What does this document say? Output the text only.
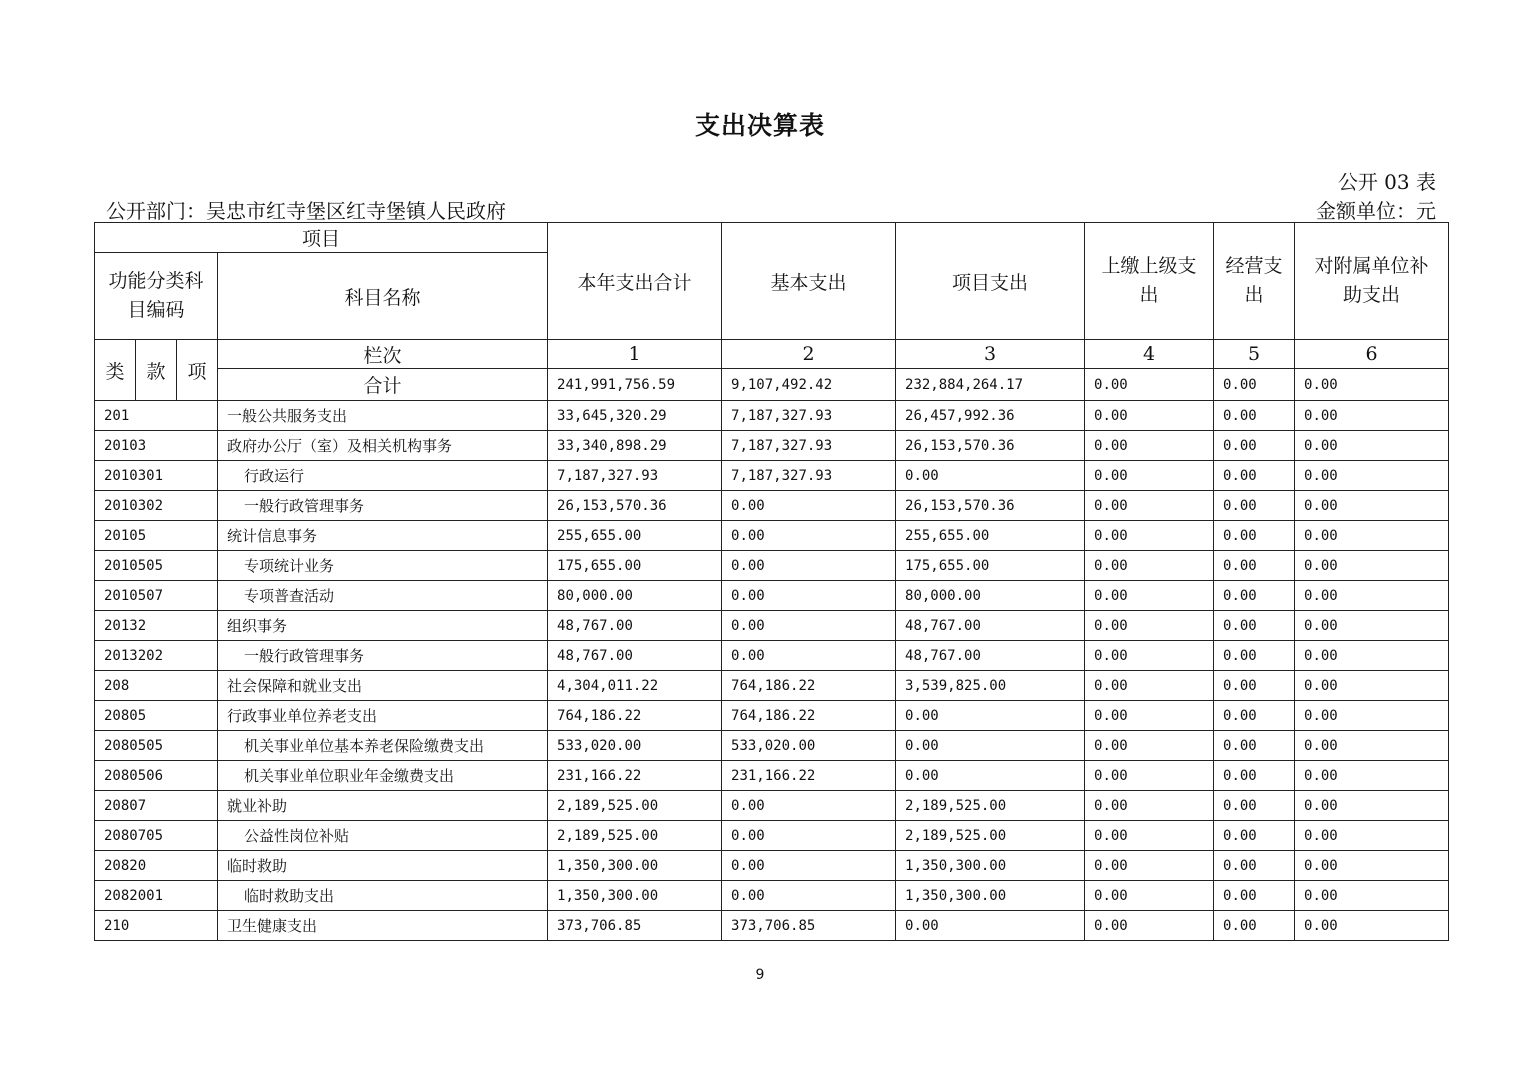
支出决算表
公开 03 表
公开部门：吴忠市红寺堡区红寺堡镇人民政府	金额单位：元
项目				本年支出合计	基本支出	项目支出	上缴上级支出	经营支出	对附属单位补助支出
功能分类科目编码			科目名称						
类	款	项	栏次	1	2	3	4	5	6
			合计	241,991,756.59	9,107,492.42	232,884,264.17	0.00	0.00	0.00
201			一般公共服务支出	33,645,320.29	7,187,327.93	26,457,992.36	0.00	0.00	0.00
20103			政府办公厅（室）及相关机构事务	33,340,898.29	7,187,327.93	26,153,570.36	0.00	0.00	0.00
2010301			行政运行	7,187,327.93	7,187,327.93	0.00	0.00	0.00	0.00
2010302			一般行政管理事务	26,153,570.36	0.00	26,153,570.36	0.00	0.00	0.00
20105			统计信息事务	255,655.00	0.00	255,655.00	0.00	0.00	0.00
2010505			专项统计业务	175,655.00	0.00	175,655.00	0.00	0.00	0.00
2010507			专项普查活动	80,000.00	0.00	80,000.00	0.00	0.00	0.00
20132			组织事务	48,767.00	0.00	48,767.00	0.00	0.00	0.00
2013202			一般行政管理事务	48,767.00	0.00	48,767.00	0.00	0.00	0.00
208			社会保障和就业支出	4,304,011.22	764,186.22	3,539,825.00	0.00	0.00	0.00
20805			行政事业单位养老支出	764,186.22	764,186.22	0.00	0.00	0.00	0.00
2080505			机关事业单位基本养老保险缴费支出	533,020.00	533,020.00	0.00	0.00	0.00	0.00
2080506			机关事业单位职业年金缴费支出	231,166.22	231,166.22	0.00	0.00	0.00	0.00
20807			就业补助	2,189,525.00	0.00	2,189,525.00	0.00	0.00	0.00
2080705			公益性岗位补贴	2,189,525.00	0.00	2,189,525.00	0.00	0.00	0.00
20820			临时救助	1,350,300.00	0.00	1,350,300.00	0.00	0.00	0.00
2082001			临时救助支出	1,350,300.00	0.00	1,350,300.00	0.00	0.00	0.00
210			卫生健康支出	373,706.85	373,706.85	0.00	0.00	0.00	0.00
9
